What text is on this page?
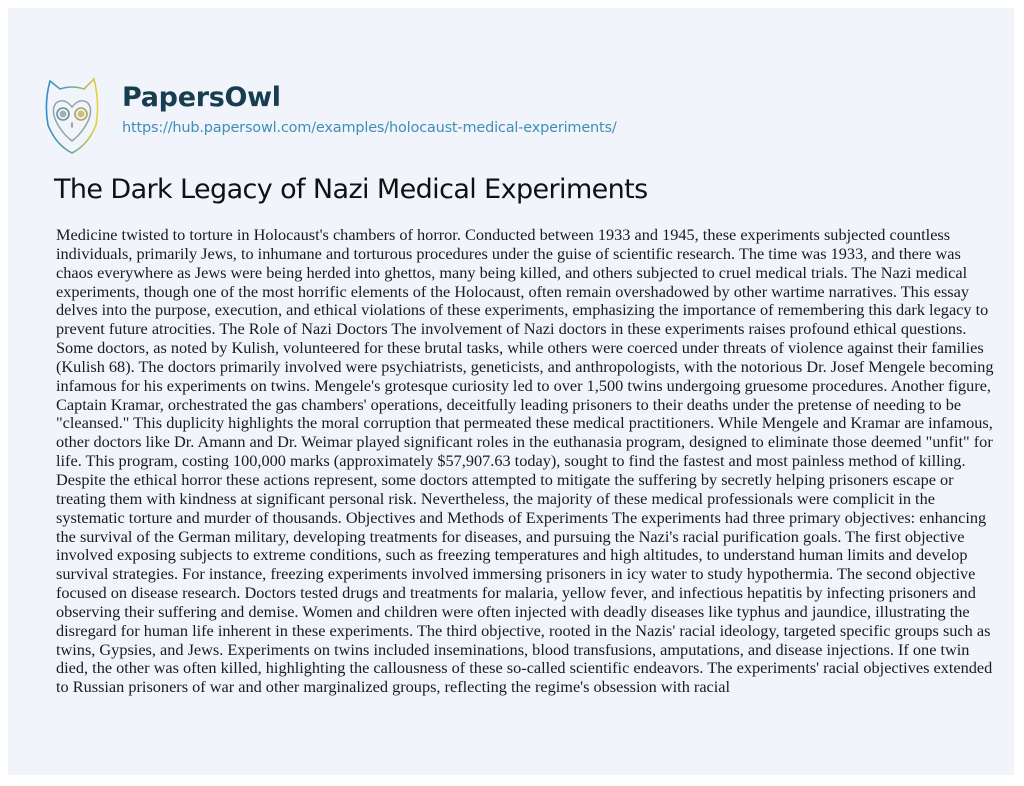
PapersOwl
https://hub.papersowl.com/examples/holocaust-medical-experiments/
The Dark Legacy of Nazi Medical Experiments
Medicine twisted to torture in Holocaust's chambers of horror. Conducted between 1933 and 1945, these experiments subjected countless
individuals, primarily Jews, to inhumane and torturous procedures under the guise of scientific research. The time was 1933, and there was
chaos everywhere as Jews were being herded into ghettos, many being killed, and others subjected to cruel medical trials. The Nazi medical
experiments, though one of the most horrific elements of the Holocaust, often remain overshadowed by other wartime narratives. This essay
delves into the purpose, execution, and ethical violations of these experiments, emphasizing the importance of remembering this dark legacy to
prevent future atrocities. The Role of Nazi Doctors The involvement of Nazi doctors in these experiments raises profound ethical questions.
Some doctors, as noted by Kulish, volunteered for these brutal tasks, while others were coerced under threats of violence against their families
(Kulish 68). The doctors primarily involved were psychiatrists, geneticists, and anthropologists, with the notorious Dr. Josef Mengele becoming
infamous for his experiments on twins. Mengele's grotesque curiosity led to over 1,500 twins undergoing gruesome procedures. Another figure,
Captain Kramar, orchestrated the gas chambers' operations, deceitfully leading prisoners to their deaths under the pretense of needing to be
"cleansed." This duplicity highlights the moral corruption that permeated these medical practitioners. While Mengele and Kramar are infamous,
other doctors like Dr. Amann and Dr. Weimar played significant roles in the euthanasia program, designed to eliminate those deemed "unfit" for
life. This program, costing 100,000 marks (approximately $57,907.63 today), sought to find the fastest and most painless method of killing.
Despite the ethical horror these actions represent, some doctors attempted to mitigate the suffering by secretly helping prisoners escape or
treating them with kindness at significant personal risk. Nevertheless, the majority of these medical professionals were complicit in the
systematic torture and murder of thousands. Objectives and Methods of Experiments The experiments had three primary objectives: enhancing
the survival of the German military, developing treatments for diseases, and pursuing the Nazi's racial purification goals. The first objective
involved exposing subjects to extreme conditions, such as freezing temperatures and high altitudes, to understand human limits and develop
survival strategies. For instance, freezing experiments involved immersing prisoners in icy water to study hypothermia. The second objective
focused on disease research. Doctors tested drugs and treatments for malaria, yellow fever, and infectious hepatitis by infecting prisoners and
observing their suffering and demise. Women and children were often injected with deadly diseases like typhus and jaundice, illustrating the
disregard for human life inherent in these experiments. The third objective, rooted in the Nazis' racial ideology, targeted specific groups such as
twins, Gypsies, and Jews. Experiments on twins included inseminations, blood transfusions, amputations, and disease injections. If one twin
died, the other was often killed, highlighting the callousness of these so-called scientific endeavors. The experiments' racial objectives extended
to Russian prisoners of war and other marginalized groups, reflecting the regime's obsession with racial
